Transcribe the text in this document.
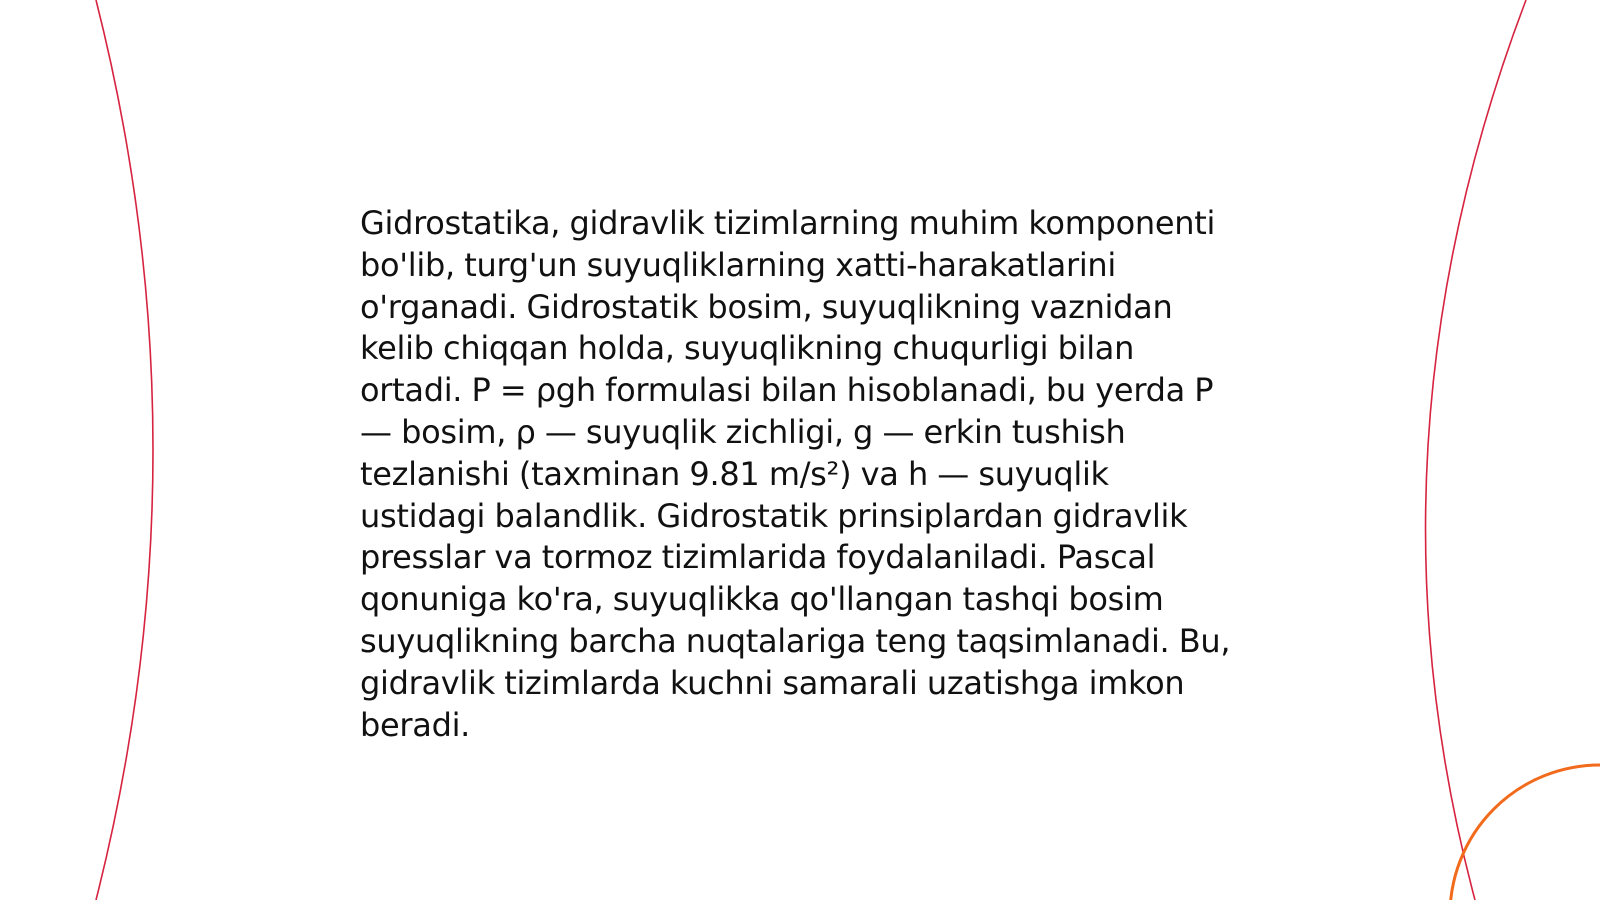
Gidrostatika, gidravlik tizimlarning muhim komponenti bo'lib, turg'un suyuqliklarning xatti-harakatlarini o'rganadi. Gidrostatik bosim, suyuqlikning vaznidan kelib chiqqan holda, suyuqlikning chuqurligi bilan ortadi. P = ρgh formulasi bilan hisoblanadi, bu yerda P — bosim, ρ — suyuqlik zichligi, g — erkin tushish tezlanishi (taxminan 9.81 m/s²) va h — suyuqlik ustidagi balandlik. Gidrostatik prinsiplardan gidravlik presslar va tormoz tizimlarida foydalaniladi. Pascal qonuniga ko'ra, suyuqlikka qo'llangan tashqi bosim suyuqlikning barcha nuqtalariga teng taqsimlanadi. Bu, gidravlik tizimlarda kuchni samarali uzatishga imkon beradi.
